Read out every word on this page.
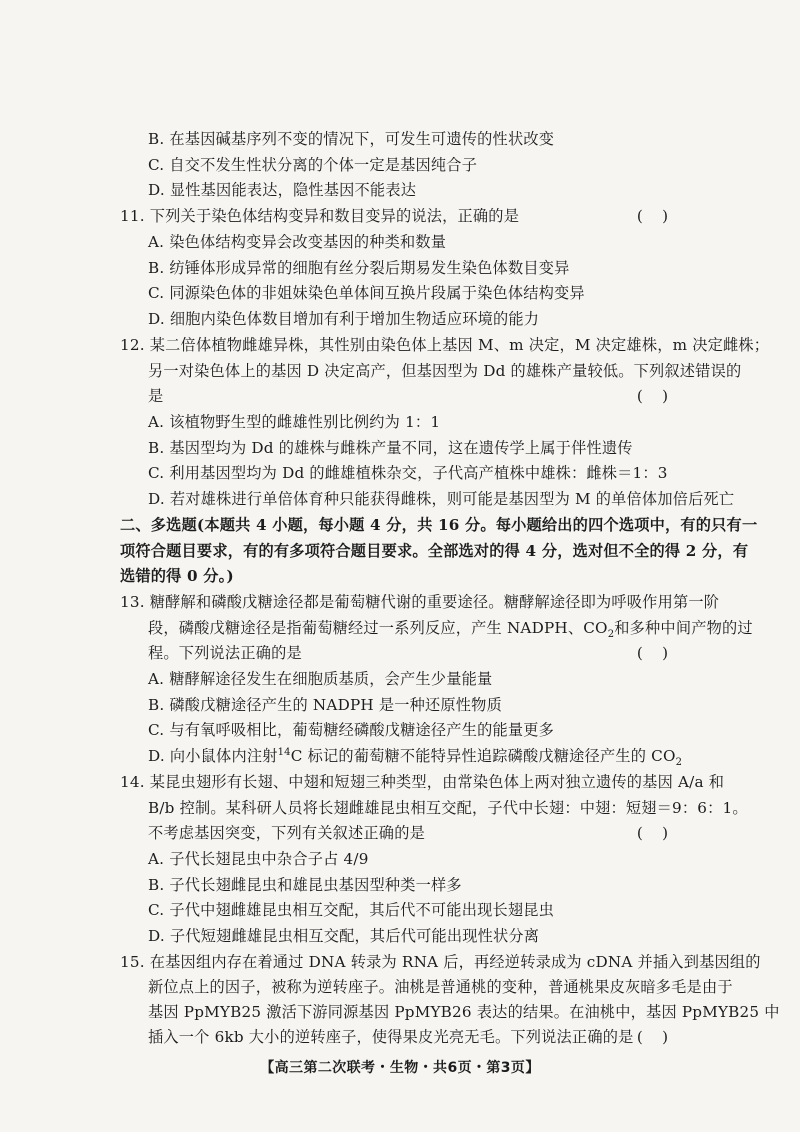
B. 在基因碱基序列不变的情况下，可发生可遗传的性状改变
C. 自交不发生性状分离的个体一定是基因纯合子
D. 显性基因能表达，隐性基因不能表达
11. 下列关于染色体结构变异和数目变异的说法，正确的是	(    )
A. 染色体结构变异会改变基因的种类和数量
B. 纺锤体形成异常的细胞有丝分裂后期易发生染色体数目变异
C. 同源染色体的非姐妹染色单体间互换片段属于染色体结构变异
D. 细胞内染色体数目增加有利于增加生物适应环境的能力
12. 某二倍体植物雌雄异株，其性别由染色体上基因 M、m 决定，M 决定雄株，m 决定雌株；
另一对染色体上的基因 D 决定高产，但基因型为 Dd 的雄株产量较低。下列叙述错误的
是	(    )
A. 该植物野生型的雌雄性别比例约为 1：1
B. 基因型均为 Dd 的雄株与雌株产量不同，这在遗传学上属于伴性遗传
C. 利用基因型均为 Dd 的雌雄植株杂交，子代高产植株中雄株：雌株＝1：3
D. 若对雄株进行单倍体育种只能获得雌株，则可能是基因型为 M 的单倍体加倍后死亡
二、多选题(本题共 4 小题，每小题 4 分，共 16 分。每小题给出的四个选项中，有的只有一
项符合题目要求，有的有多项符合题目要求。全部选对的得 4 分，选对但不全的得 2 分，有
选错的得 0 分。)
13. 糖酵解和磷酸戊糖途径都是葡萄糖代谢的重要途径。糖酵解途径即为呼吸作用第一阶
段，磷酸戊糖途径是指葡萄糖经过一系列反应，产生 NADPH、$CO_2$和多种中间产物的过
程。下列说法正确的是	(    )
A. 糖酵解途径发生在细胞质基质，会产生少量能量
B. 磷酸戊糖途径产生的 NADPH 是一种还原性物质
C. 与有氧呼吸相比，葡萄糖经磷酸戊糖途径产生的能量更多
D. 向小鼠体内注射$^{14}$C 标记的葡萄糖不能特异性追踪磷酸戊糖途径产生的 $CO_2$
14. 某昆虫翅形有长翅、中翅和短翅三种类型，由常染色体上两对独立遗传的基因 A/a 和
B/b 控制。某科研人员将长翅雌雄昆虫相互交配，子代中长翅：中翅：短翅＝9：6：1。
不考虑基因突变，下列有关叙述正确的是	(    )
A. 子代长翅昆虫中杂合子占 4/9
B. 子代长翅雌昆虫和雄昆虫基因型种类一样多
C. 子代中翅雌雄昆虫相互交配，其后代不可能出现长翅昆虫
D. 子代短翅雌雄昆虫相互交配，其后代可能出现性状分离
15. 在基因组内存在着通过 DNA 转录为 RNA 后，再经逆转录成为 cDNA 并插入到基因组的
新位点上的因子，被称为逆转座子。油桃是普通桃的变种，普通桃果皮灰暗多毛是由于
基因 PpMYB25 激活下游同源基因 PpMYB26 表达的结果。在油桃中，基因 PpMYB25 中
插入一个 6kb 大小的逆转座子，使得果皮光亮无毛。下列说法正确的是 (    )
【高三第二次联考・生物・共6页・第3页】
